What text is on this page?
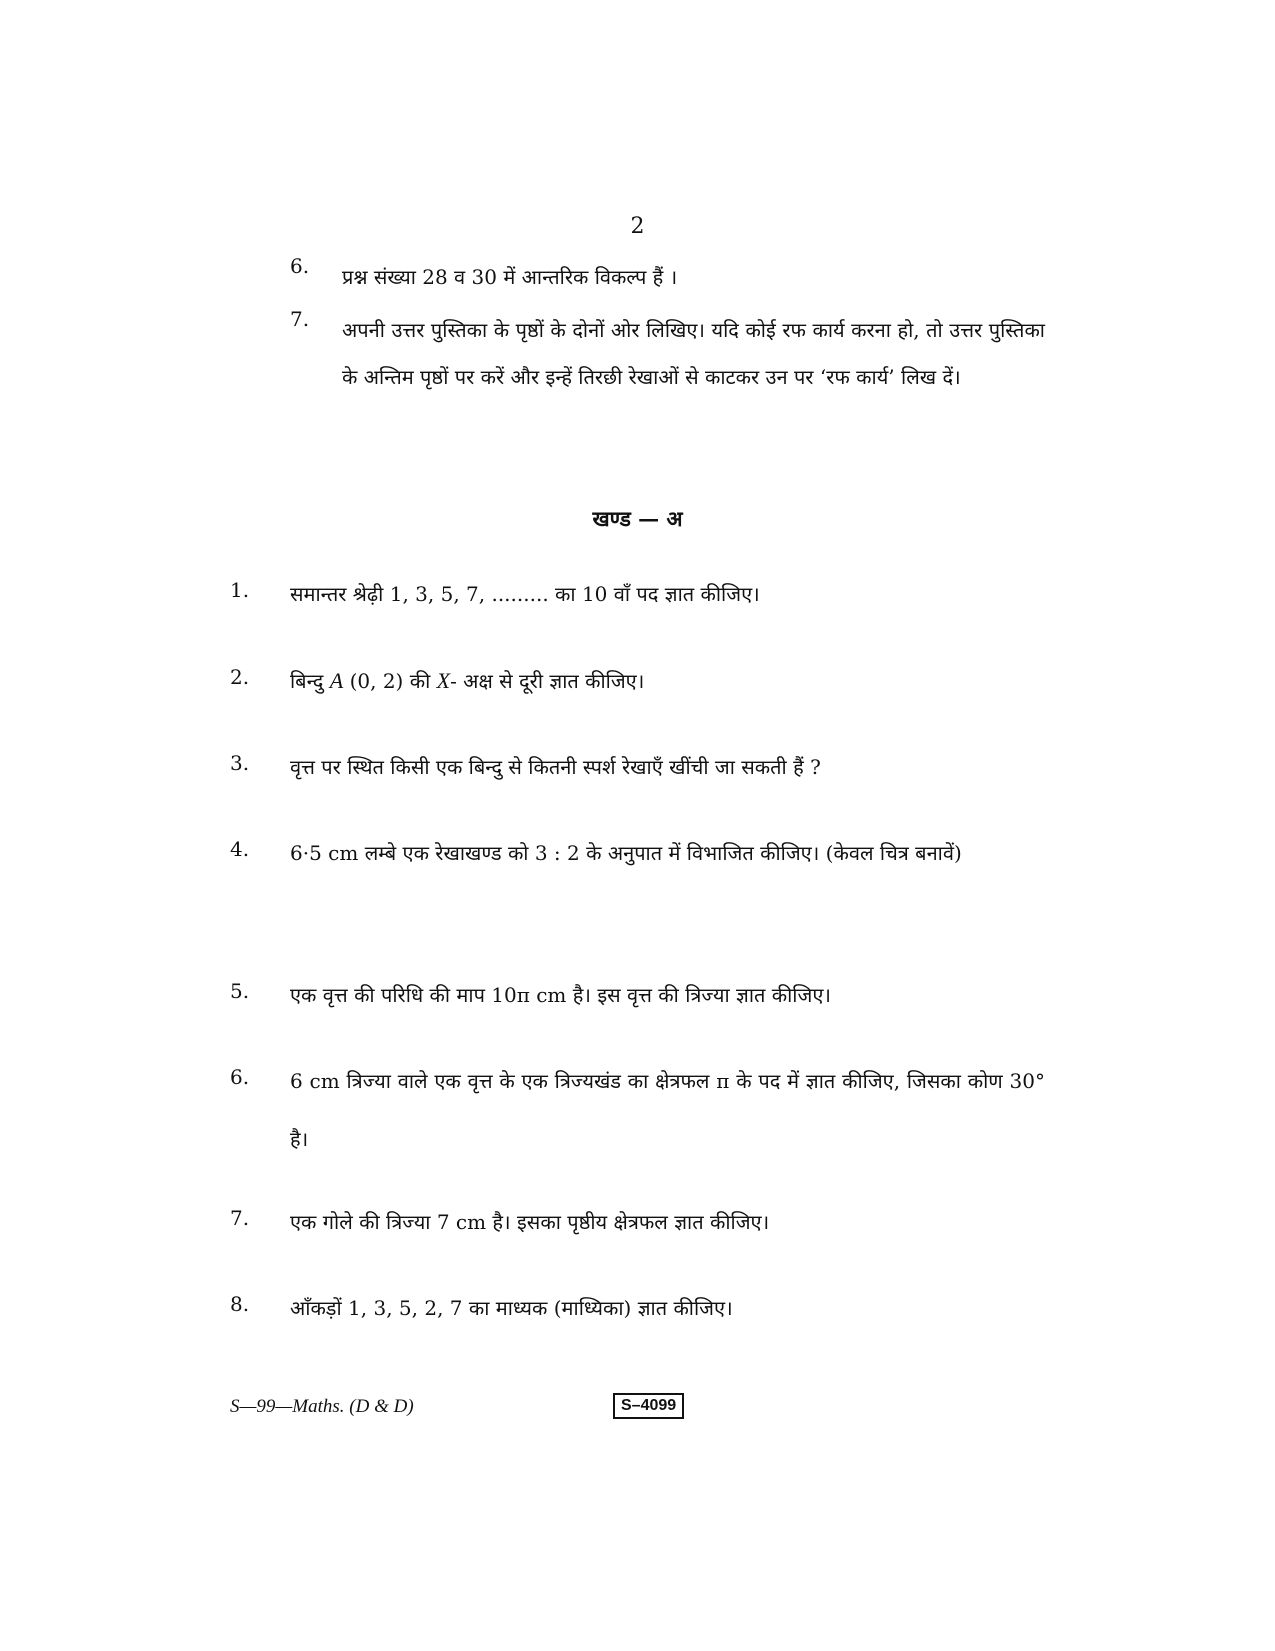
2
6.	प्रश्न संख्या 28 व 30 में आन्तरिक विकल्प हैं ।
7.	अपनी उत्तर पुस्तिका के पृष्ठों के दोनों ओर लिखिए। यदि कोई रफ कार्य करना हो, तो उत्तर पुस्तिका के अन्तिम पृष्ठों पर करें और इन्हें तिरछी रेखाओं से काटकर उन पर ‘रफ कार्य’ लिख दें।
खण्ड — अ
1.	समान्तर श्रेढ़ी 1, 3, 5, 7, ......... का 10 वाँ पद ज्ञात कीजिए।
2.	बिन्दु A (0, 2) की X- अक्ष से दूरी ज्ञात कीजिए।
3.	वृत्त पर स्थित किसी एक बिन्दु से कितनी स्पर्श रेखाएँ खींची जा सकती हैं ?
4.	6·5 cm लम्बे एक रेखाखण्ड को 3 : 2 के अनुपात में विभाजित कीजिए। (केवल चित्र बनावें)
5.	एक वृत्त की परिधि की माप 10π cm है। इस वृत्त की त्रिज्या ज्ञात कीजिए।
6.	6 cm त्रिज्या वाले एक वृत्त के एक त्रिज्यखंड का क्षेत्रफल π के पद में ज्ञात कीजिए, जिसका कोण 30° है।
7.	एक गोले की त्रिज्या 7 cm है। इसका पृष्ठीय क्षेत्रफल ज्ञात कीजिए।
8.	आँकड़ों 1, 3, 5, 2, 7 का माध्यक (माध्यिका) ज्ञात कीजिए।
S—99—Maths. (D & D)	S–4099
